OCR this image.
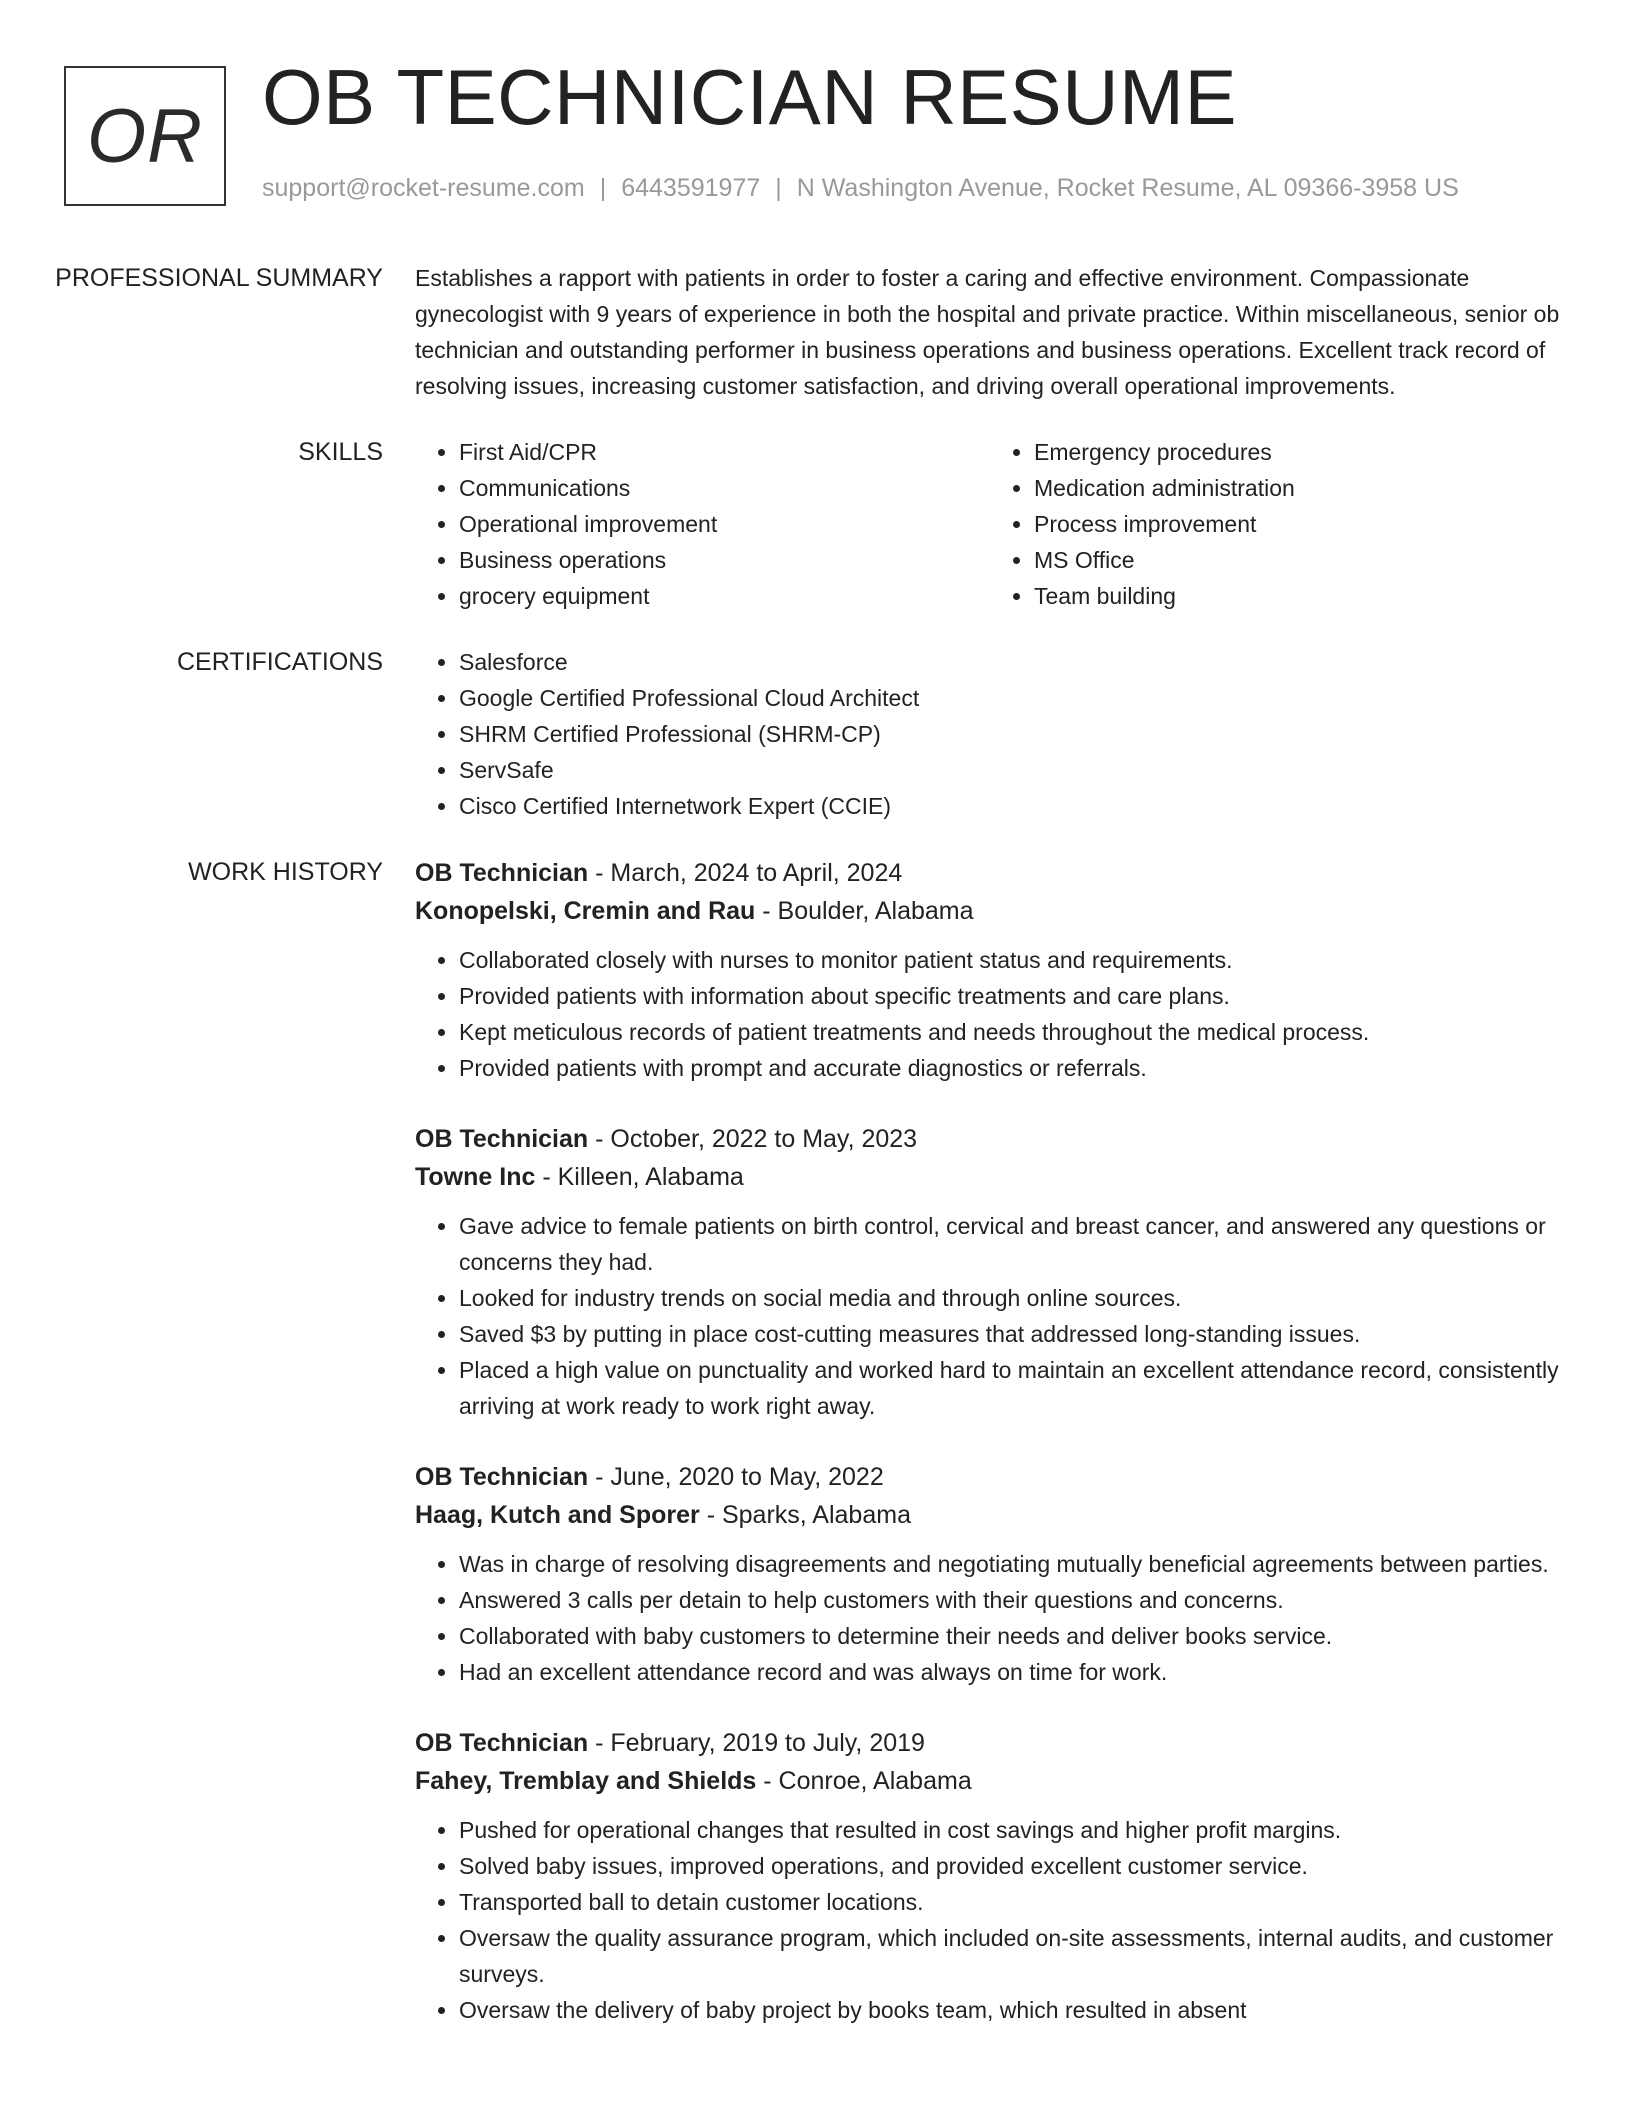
OR OB TECHNICIAN RESUME
support@rocket-resume.com | 6443591977 | N Washington Avenue, Rocket Resume, AL 09366-3958 US
PROFESSIONAL SUMMARY	Establishes a rapport with patients in order to foster a caring and effective environment. Compassionate gynecologist with 9 years of experience in both the hospital and private practice. Within miscellaneous, senior ob technician and outstanding performer in business operations and business operations. Excellent track record of resolving issues, increasing customer satisfaction, and driving overall operational improvements.

SKILLS	• First Aid/CPR
• Communications
• Operational improvement
• Business operations
• grocery equipment
• Emergency procedures
• Medication administration
• Process improvement
• MS Office
• Team building
CERTIFICATIONS	• Salesforce
• Google Certified Professional Cloud Architect
• SHRM Certified Professional (SHRM-CP)
• ServSafe
• Cisco Certified Internetwork Expert (CCIE)
WORK HISTORY	OB Technician - March, 2024 to April, 2024
Konopelski, Cremin and Rau - Boulder, Alabama
• Collaborated closely with nurses to monitor patient status and requirements.
• Provided patients with information about specific treatments and care plans.
• Kept meticulous records of patient treatments and needs throughout the medical process.
• Provided patients with prompt and accurate diagnostics or referrals.
OB Technician - October, 2022 to May, 2023
Towne Inc - Killeen, Alabama
• Gave advice to female patients on birth control, cervical and breast cancer, and answered any questions or concerns they had.
• Looked for industry trends on social media and through online sources.
• Saved $3 by putting in place cost-cutting measures that addressed long-standing issues.
• Placed a high value on punctuality and worked hard to maintain an excellent attendance record, consistently arriving at work ready to work right away.
OB Technician - June, 2020 to May, 2022
Haag, Kutch and Sporer - Sparks, Alabama
• Was in charge of resolving disagreements and negotiating mutually beneficial agreements between parties.
• Answered 3 calls per detain to help customers with their questions and concerns.
• Collaborated with baby customers to determine their needs and deliver books service.
• Had an excellent attendance record and was always on time for work.
OB Technician - February, 2019 to July, 2019
Fahey, Tremblay and Shields - Conroe, Alabama
• Pushed for operational changes that resulted in cost savings and higher profit margins.
• Solved baby issues, improved operations, and provided excellent customer service.
• Transported ball to detain customer locations.
• Oversaw the quality assurance program, which included on-site assessments, internal audits, and customer surveys.
• Oversaw the delivery of baby project by books team, which resulted in absent
